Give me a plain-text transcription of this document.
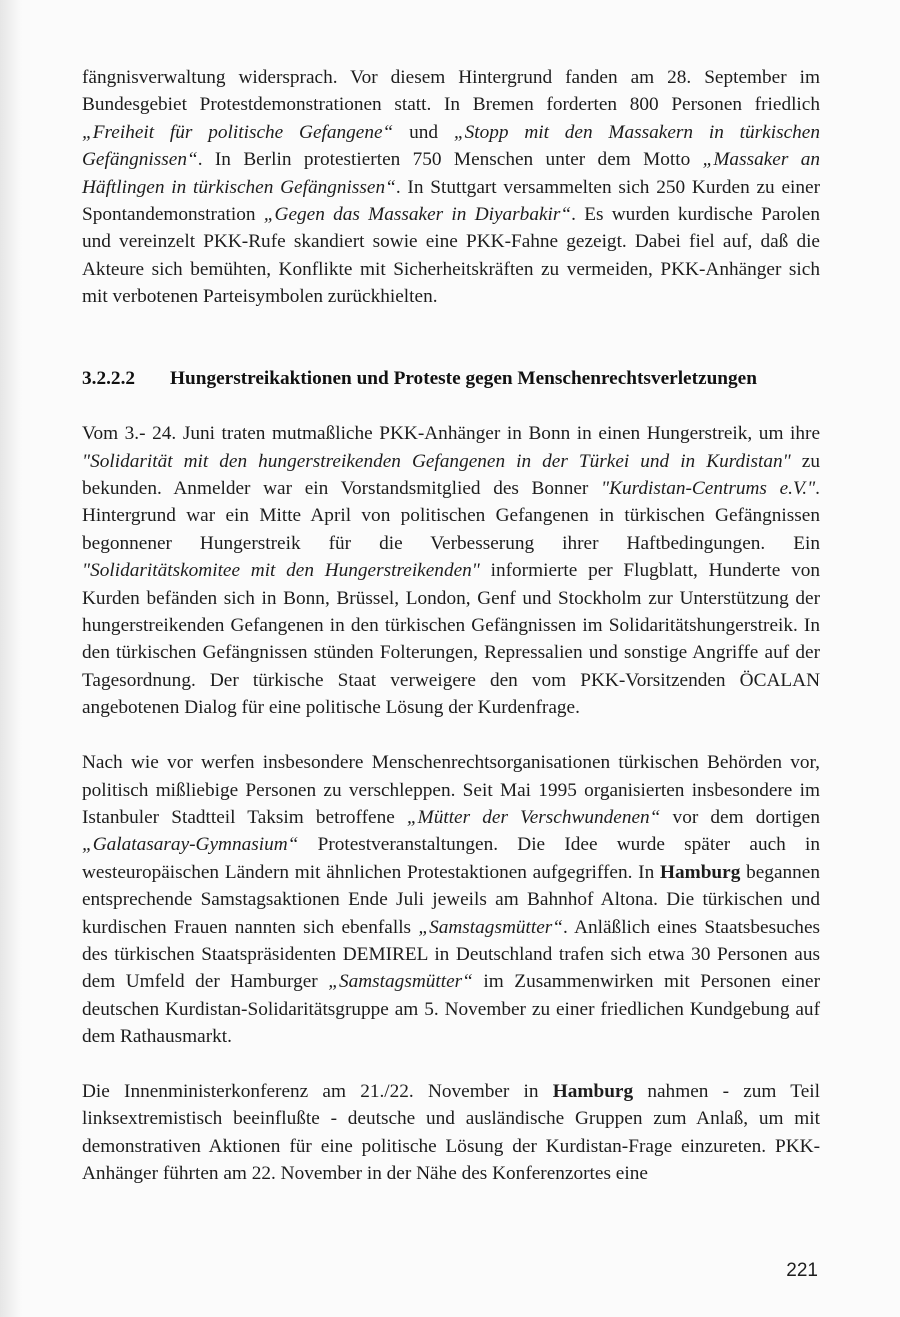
fängnisverwaltung widersprach. Vor diesem Hintergrund fanden am 28. September im Bundesgebiet Protestdemonstrationen statt. In Bremen forderten 800 Personen friedlich „Freiheit für politische Gefangene“ und „Stopp mit den Massakern in türkischen Gefängnissen“. In Berlin protestierten 750 Menschen unter dem Motto „Massaker an Häftlingen in türkischen Gefängnissen“. In Stuttgart versammelten sich 250 Kurden zu einer Spontandemonstration „Gegen das Massaker in Diyarbakir“. Es wurden kurdische Parolen und vereinzelt PKK-Rufe skandiert sowie eine PKK-Fahne gezeigt. Dabei fiel auf, daß die Akteure sich bemühten, Konflikte mit Sicherheitskräften zu vermeiden, PKK-Anhänger sich mit verbotenen Parteisymbolen zurückhielten.

3.2.2.2 Hungerstreikaktionen und Proteste gegen Menschenrechtsverletzungen

Vom 3.- 24. Juni traten mutmaßliche PKK-Anhänger in Bonn in einen Hungerstreik, um ihre "Solidarität mit den hungerstreikenden Gefangenen in der Türkei und in Kurdistan" zu bekunden. Anmelder war ein Vorstandsmitglied des Bonner "Kurdistan-Centrums e.V.". Hintergrund war ein Mitte April von politischen Gefangenen in türkischen Gefängnissen begonnener Hungerstreik für die Verbesserung ihrer Haftbedingungen. Ein "Solidaritätskomitee mit den Hungerstreikenden" informierte per Flugblatt, Hunderte von Kurden befänden sich in Bonn, Brüssel, London, Genf und Stockholm zur Unterstützung der hungerstreikenden Gefangenen in den türkischen Gefängnissen im Solidaritätshungerstreik. In den türkischen Gefängnissen stünden Folterungen, Repressalien und sonstige Angriffe auf der Tagesordnung. Der türkische Staat verweigere den vom PKK-Vorsitzenden ÖCALAN angebotenen Dialog für eine politische Lösung der Kurdenfrage.

Nach wie vor werfen insbesondere Menschenrechtsorganisationen türkischen Behörden vor, politisch mißliebige Personen zu verschleppen. Seit Mai 1995 organisierten insbesondere im Istanbuler Stadtteil Taksim betroffene „Mütter der Verschwundenen“ vor dem dortigen „Galatasaray-Gymnasium“ Protestveranstaltungen. Die Idee wurde später auch in westeuropäischen Ländern mit ähnlichen Protestaktionen aufgegriffen. In Hamburg begannen entsprechende Samstagsaktionen Ende Juli jeweils am Bahnhof Altona. Die türkischen und kurdischen Frauen nannten sich ebenfalls „Samstagsmütter“. Anläßlich eines Staatsbesuches des türkischen Staatspräsidenten DEMIREL in Deutschland trafen sich etwa 30 Personen aus dem Umfeld der Hamburger „Samstagsmütter“ im Zusammenwirken mit Personen einer deutschen Kurdistan-Solidaritätsgruppe am 5. November zu einer friedlichen Kundgebung auf dem Rathausmarkt.

Die Innenministerkonferenz am 21./22. November in Hamburg nahmen - zum Teil linksextremistisch beeinflußte - deutsche und ausländische Gruppen zum Anlaß, um mit demonstrativen Aktionen für eine politische Lösung der Kurdistan-Frage einzureten. PKK-Anhänger führten am 22. November in der Nähe des Konferenzortes eine

221
